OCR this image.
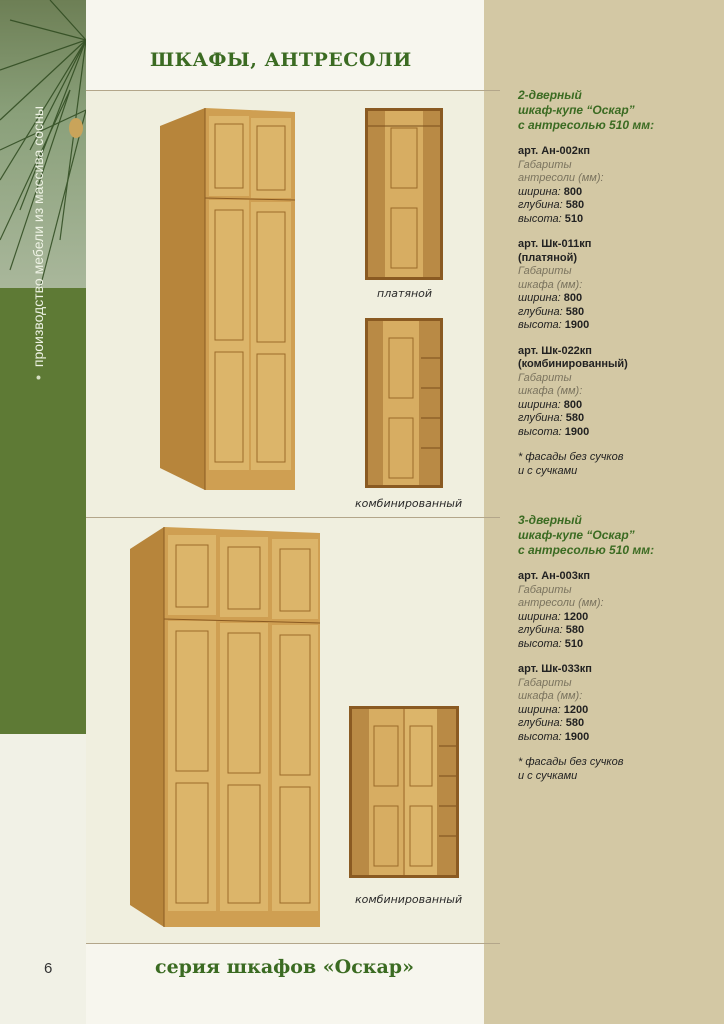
•производство мебели из массива сосны
ШКАФЫ, АНТРЕСОЛИ
платяной
комбинированный
комбинированный
2-дверный
шкаф-купе “Оскар”
с антресолью 510 мм:
арт. Ан-002кп
Габариты
антресоли (мм):
ширина: 800
глубина: 580
высота: 510
арт. Шк-011кп
(платяной)
Габариты
шкафа (мм):
ширина: 800
глубина: 580
высота: 1900
арт. Шк-022кп
(комбинированный)
Габариты
шкафа (мм):
ширина: 800
глубина: 580
высота: 1900
* фасады без сучков
и с сучками
3-дверный
шкаф-купе “Оскар”
с антресолью 510 мм:
арт. Ан-003кп
Габариты
антресоли (мм):
ширина: 1200
глубина: 580
высота: 510
арт. Шк-033кп
Габариты
шкафа (мм):
ширина: 1200
глубина: 580
высота: 1900
* фасады без сучков
и с сучками
6	серия шкафов «Оскар»
